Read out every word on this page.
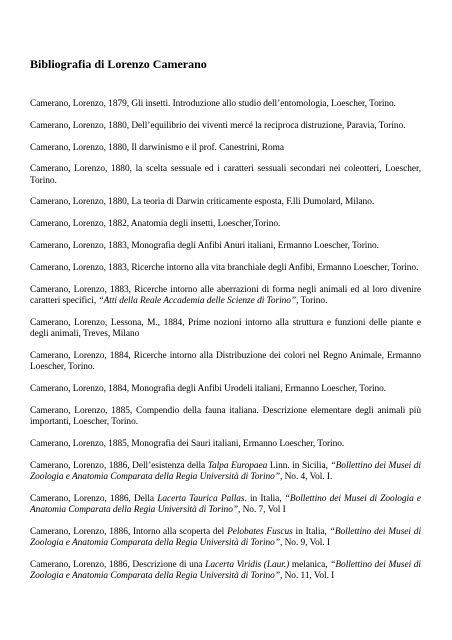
Bibliografia di Lorenzo Camerano
Camerano, Lorenzo, 1879, Gli insetti. Introduzione allo studio dell’entomologia, Loescher, Torino.
Camerano, Lorenzo, 1880, Dell’equilibrio dei viventi mercé la reciproca distruzione, Paravia, Torino.
Camerano, Lorenzo, 1880, Il darwinismo e il prof. Canestrini, Roma
Camerano, Lorenzo, 1880, la scelta sessuale ed i caratteri sessuali secondari nei coleotteri, Loescher, Torino.
Camerano, Lorenzo, 1880, La teoria di Darwin criticamente esposta, F.lli Dumolard, Milano.
Camerano, Lorenzo, 1882, Anatomia degli insetti, Loescher,Torino.
Camerano, Lorenzo, 1883, Monografia degli Anfibi Anuri italiani, Ermanno Loescher, Torino.
Camerano, Lorenzo, 1883, Ricerche intorno alla vita branchiale degli Anfibi, Ermanno Loescher, Torino.
Camerano, Lorenzo, 1883, Ricerche intorno alle aberrazioni di forma negli animali ed al loro divenire caratteri specifici, “Atti della Reale Accademia delle Scienze di Torino”, Torino.
Camerano, Lorenzo, Lessona, M., 1884, Prime nozioni intorno alla struttura e funzioni delle piante e degli animali, Treves, Milano
Camerano, Lorenzo, 1884, Ricerche intorno alla Distribuzione dei colori nel Regno Animale, Ermanno Loescher, Torino.
Camerano, Lorenzo, 1884, Monografia degli Anfibi Urodeli italiani, Ermanno Loescher, Torino.
Camerano, Lorenzo, 1885, Compendio della fauna italiana. Descrizione elementare degli animali più importanti, Loescher, Torino.
Camerano, Lorenzo, 1885, Monografia dei Sauri italiani, Ermanno Loescher, Torino.
Camerano, Lorenzo, 1886, Dell’esistenza della Talpa Europaea Linn. in Sicilia, “Bollettino dei Musei di Zoologia e Anatomia Comparata della Regia Università di Torino”, No. 4, Vol. I.
Camerano, Lorenzo, 1886, Della Lacerta Taurica Pallas. in Italia, “Bollettino dei Musei di Zoologia e Anatomia Comparata della Regia Università di Torino”, No. 7, Vol I
Camerano, Lorenzo, 1886, Intorno alla scoperta del Pelobates Fuscus in Italia, “Bollettino dei Musei di Zoologia e Anatomia Comparata della Regia Università di Torino”, No. 9, Vol. I
Camerano, Lorenzo, 1886, Descrizione di una Lacerta Viridis (Laur.) melanica, “Bollettino dei Musei di Zoologia e Anatomia Comparata della Regia Università di Torino”, No. 11, Vol. I
